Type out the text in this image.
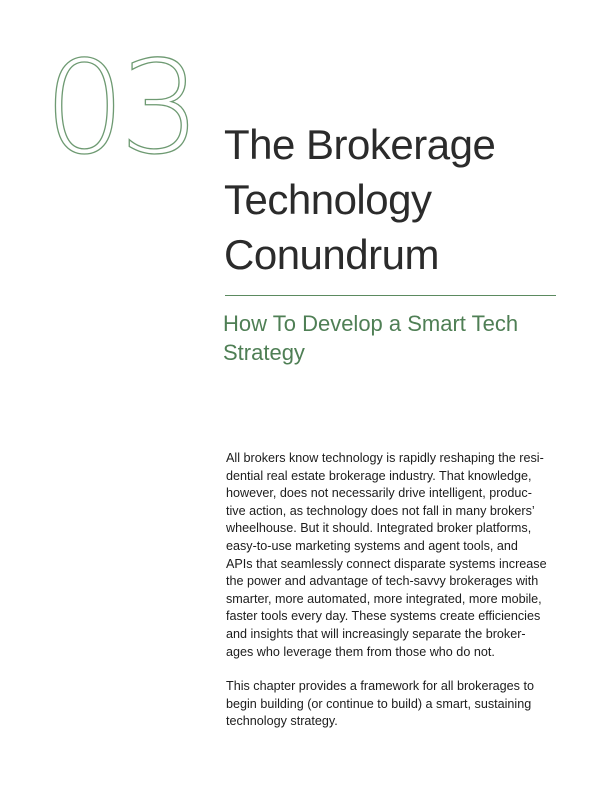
03 The Brokerage
Technology
Conundrum
How To Develop a Smart Tech
Strategy

All brokers know technology is rapidly reshaping the resi-
dential real estate brokerage industry. That knowledge,
however, does not necessarily drive intelligent, produc-
tive action, as technology does not fall in many brokers’
wheelhouse. But it should. Integrated broker platforms,
easy-to-use marketing systems and agent tools, and
APIs that seamlessly connect disparate systems increase
the power and advantage of tech-savvy brokerages with
smarter, more automated, more integrated, more mobile,
faster tools every day. These systems create efficiencies
and insights that will increasingly separate the broker-
ages who leverage them from those who do not.

This chapter provides a framework for all brokerages to
begin building (or continue to build) a smart, sustaining
technology strategy.
